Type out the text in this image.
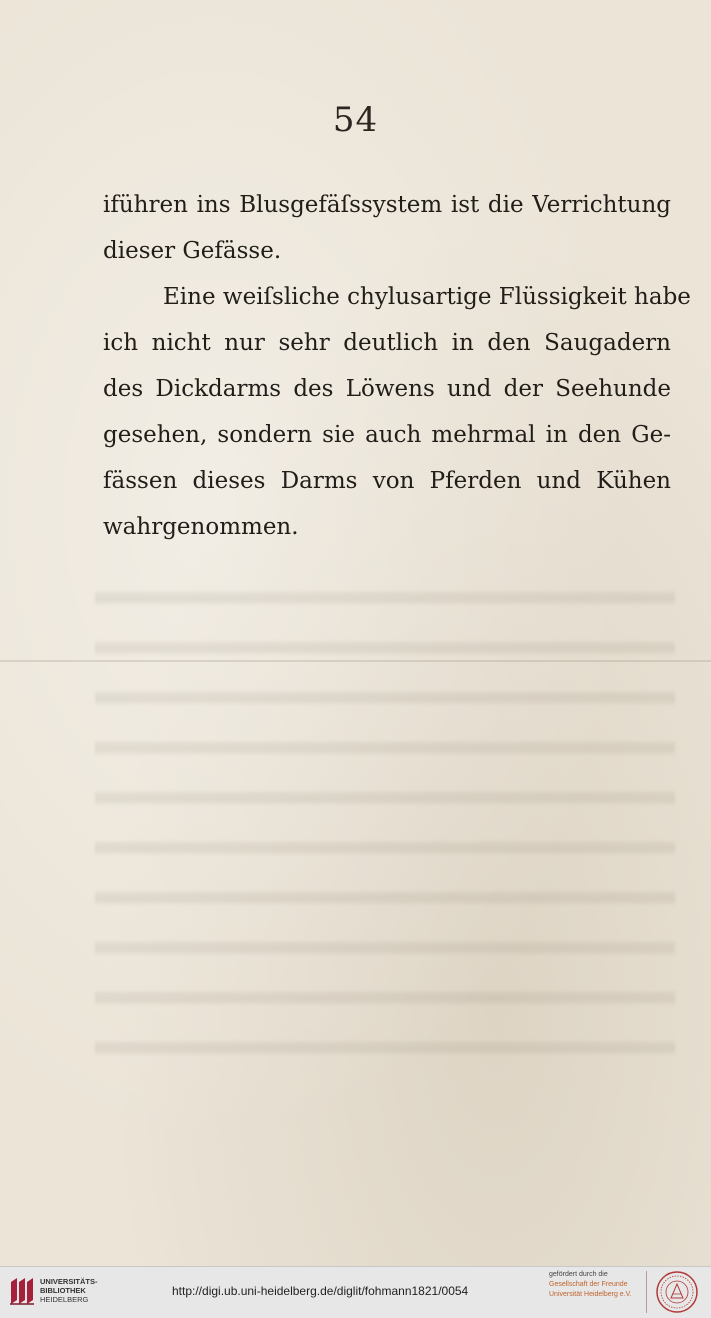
54
iführen ins Blusgefäſssystem ist die Verrichtung
dieser Gefässe.
Eine weiſsliche chylusartige Flüssigkeit habe
ich nicht nur sehr deutlich in den Saugadern
des Dickdarms des Löwens und der Seehunde
gesehen, sondern sie auch mehrmal in den Ge-
fässen dieses Darms von Pferden und Kühen
wahrgenommen.
UNIVERSITÄTS-
BIBLIOTHEK
HEIDELBERG
http://digi.ub.uni-heidelberg.de/diglit/fohmann1821/0054
gefördert durch die
Gesellschaft der Freunde
Universität Heidelberg e.V.
